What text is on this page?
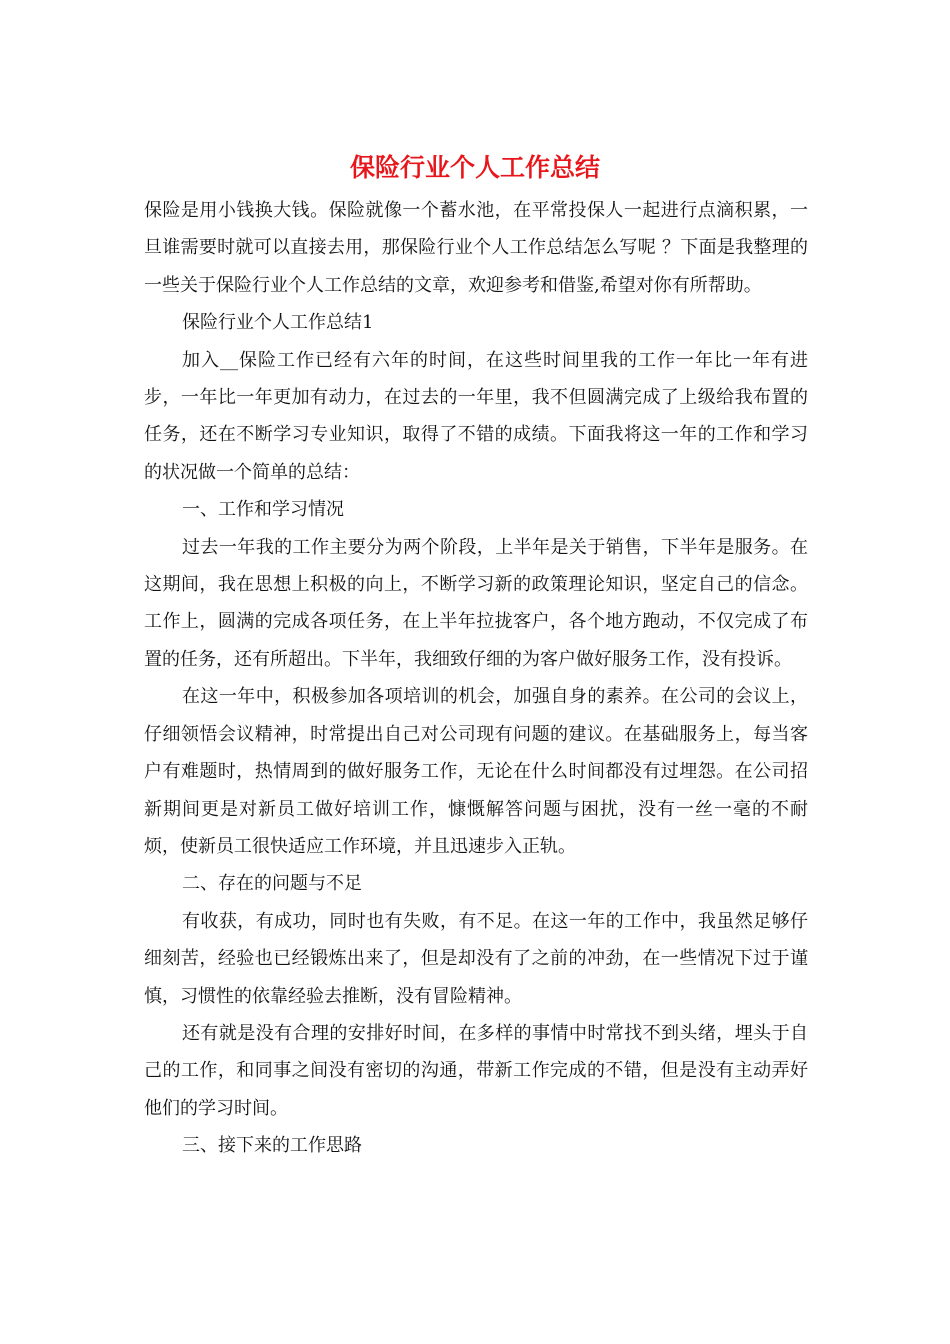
保险行业个人工作总结

保险是用小钱换大钱。保险就像一个蓄水池，在平常投保人一起进行点滴积累，一旦谁需要时就可以直接去用，那保险行业个人工作总结怎么写呢 ？下面是我整理的一些关于保险行业个人工作总结的文章，欢迎参考和借鉴,希望对你有所帮助。

保险行业个人工作总结1

加入__保险工作已经有六年的时间，在这些时间里我的工作一年比一年有进步，一年比一年更加有动力，在过去的一年里，我不但圆满完成了上级给我布置的任务，还在不断学习专业知识，取得了不错的成绩。下面我将这一年的工作和学习的状况做一个简单的总结：

一、工作和学习情况

过去一年我的工作主要分为两个阶段，上半年是关于销售，下半年是服务。在这期间，我在思想上积极的向上，不断学习新的政策理论知识，坚定自己的信念。工作上，圆满的完成各项任务，在上半年拉拢客户，各个地方跑动，不仅完成了布置的任务，还有所超出。下半年，我细致仔细的为客户做好服务工作，没有投诉。

在这一年中，积极参加各项培训的机会，加强自身的素养。在公司的会议上，仔细领悟会议精神，时常提出自己对公司现有问题的建议。在基础服务上，每当客户有难题时，热情周到的做好服务工作，无论在什么时间都没有过埋怨。在公司招新期间更是对新员工做好培训工作，慷慨解答问题与困扰，没有一丝一毫的不耐烦，使新员工很快适应工作环境，并且迅速步入正轨。

二、存在的问题与不足

有收获，有成功，同时也有失败，有不足。在这一年的工作中，我虽然足够仔细刻苦，经验也已经锻炼出来了，但是却没有了之前的冲劲，在一些情况下过于谨慎，习惯性的依靠经验去推断，没有冒险精神。

还有就是没有合理的安排好时间，在多样的事情中时常找不到头绪，埋头于自己的工作，和同事之间没有密切的沟通，带新工作完成的不错，但是没有主动弄好他们的学习时间。

三、接下来的工作思路
